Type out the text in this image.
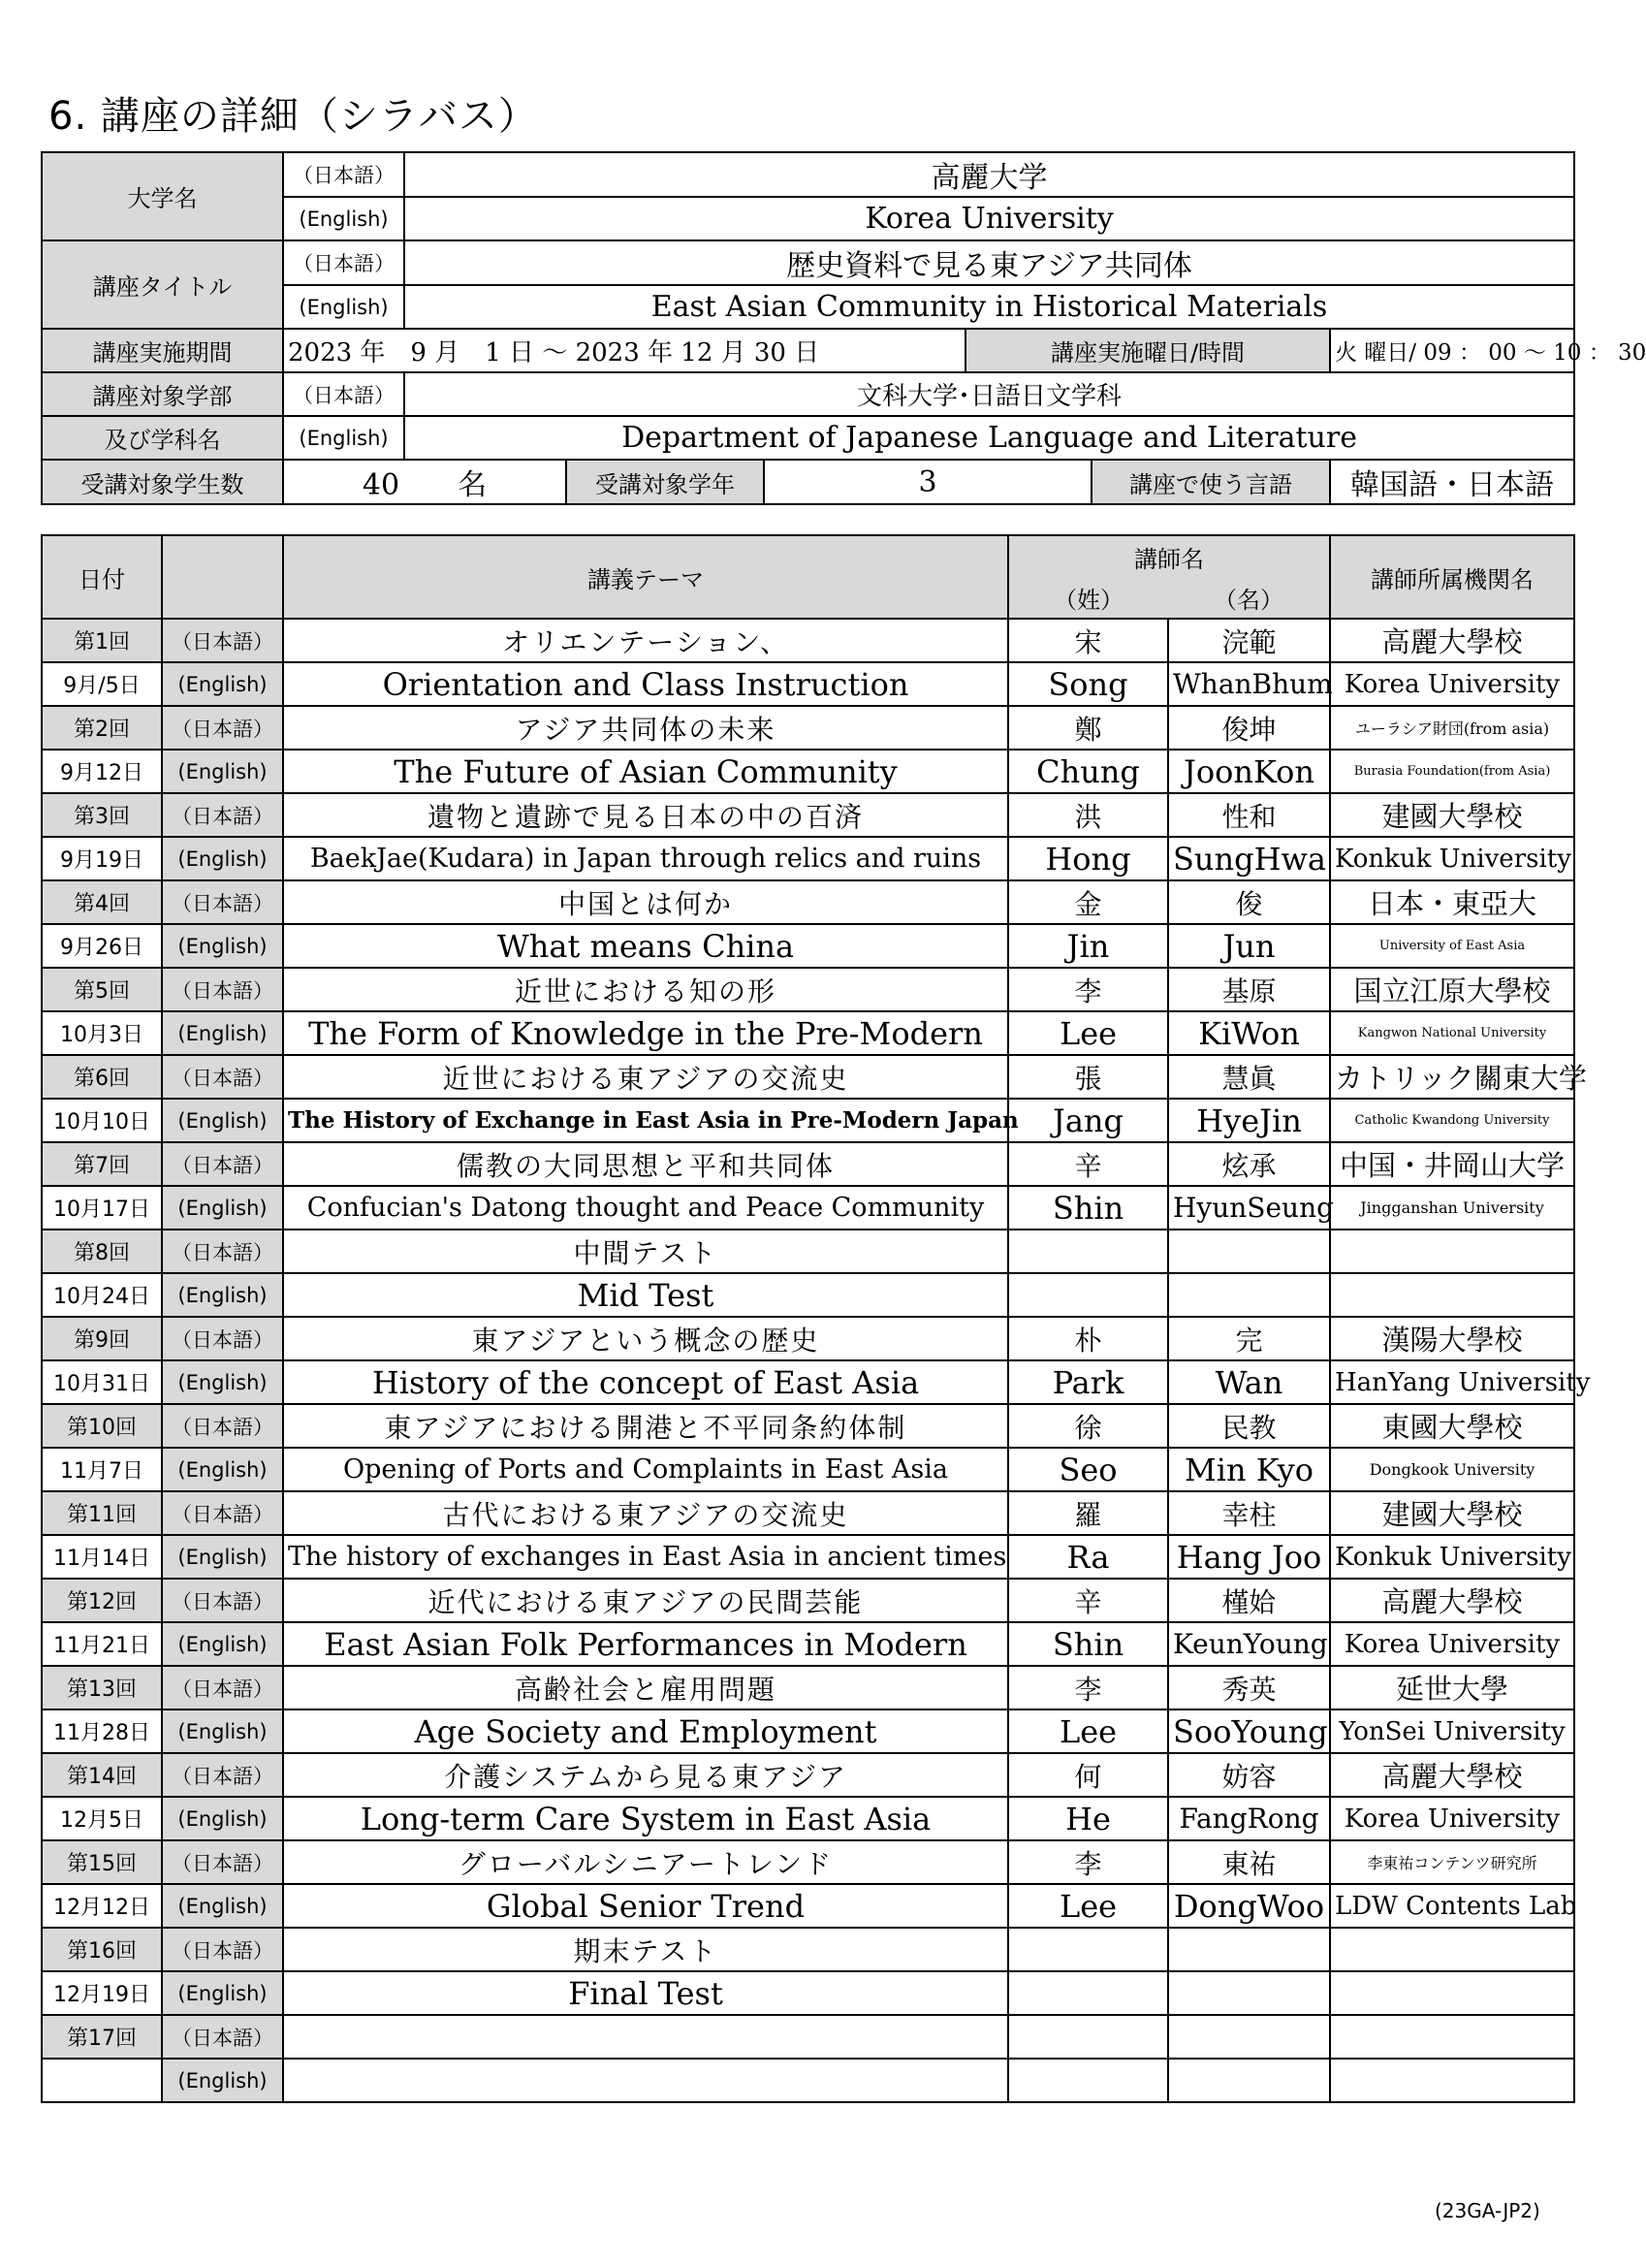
6. 講座の詳細（シラバス）
大学名	（日本語）	高麗大学					
	(English)	Korea University					
講座タイトル	（日本語）	歴史資料で見る東アジア共同体					
	(English)	East Asian Community in Historical Materials					
講座実施期間	2023 年　9 月　1 日 ～ 2023 年 12 月 30 日				講座実施曜日/時間		火 曜日/ 09 ： 00 ～ 10 ： 30
講座対象学部	（日本語）	文科大学･日語日文学科					
及び学科名	(English)	Department of Japanese Language and Literature					
受講対象学生数	40　　名		受講対象学年	3		講座で使う言語	韓国語・日本語
日付		講義テーマ	講師名		講師所属機関名
			（姓）	（名）	
第1回	（日本語）	オリエンテーション、	宋	浣範	高麗大學校
9月/5日	(English)	Orientation and Class Instruction	Song	WhanBhum	Korea University
第2回	（日本語）	アジア共同体の未来	鄭	俊坤	ユーラシア財団(from asia)
9月12日	(English)	The Future of Asian Community	Chung	JoonKon	Burasia Foundation(from Asia)
第3回	（日本語）	遺物と遺跡で見る日本の中の百済	洪	性和	建國大學校
9月19日	(English)	BaekJae(Kudara) in Japan through relics and ruins	Hong	SungHwa	Konkuk University
第4回	（日本語）	中国とは何か	金	俊	日本・東亞大
9月26日	(English)	What means China	Jin	Jun	University of East Asia
第5回	（日本語）	近世における知の形	李	基原	国立江原大學校
10月3日	(English)	The Form of Knowledge in the Pre-Modern	Lee	KiWon	Kangwon National University
第6回	（日本語）	近世における東アジアの交流史	張	慧眞	カトリック關東大学
10月10日	(English)	The History of Exchange in East Asia in Pre-Modern Japan	Jang	HyeJin	Catholic Kwandong University
第7回	（日本語）	儒教の大同思想と平和共同体	辛	炫承	中国・井岡山大学
10月17日	(English)	Confucian's Datong thought and Peace Community	Shin	HyunSeung	Jingganshan University
第8回	（日本語）	中間テスト			
10月24日	(English)	Mid Test			
第9回	（日本語）	東アジアという概念の歴史	朴	完	漢陽大學校
10月31日	(English)	History of the concept of East Asia	Park	Wan	HanYang University
第10回	（日本語）	東アジアにおける開港と不平同条約体制	徐	民教	東國大學校
11月7日	(English)	Opening of Ports and Complaints in East Asia	Seo	Min Kyo	Dongkook University
第11回	（日本語）	古代における東アジアの交流史	羅	幸柱	建國大學校
11月14日	(English)	The history of exchanges in East Asia in ancient times	Ra	Hang Joo	Konkuk University
第12回	（日本語）	近代における東アジアの民間芸能	辛	槿姶	高麗大學校
11月21日	(English)	East Asian Folk Performances in Modern	Shin	KeunYoung	Korea University
第13回	（日本語）	高齢社会と雇用問題	李	秀英	延世大學
11月28日	(English)	Age Society and Employment	Lee	SooYoung	YonSei University
第14回	（日本語）	介護システムから見る東アジア	何	妨容	高麗大學校
12月5日	(English)	Long-term Care System in East Asia	He	FangRong	Korea University
第15回	（日本語）	グローバルシニアートレンド	李	東祐	李東祐コンテンツ研究所
12月12日	(English)	Global Senior Trend	Lee	DongWoo	LDW Contents Lab
第16回	（日本語）	期末テスト			
12月19日	(English)	Final Test			
第17回	（日本語）				
	(English)				
(23GA-JP2)
